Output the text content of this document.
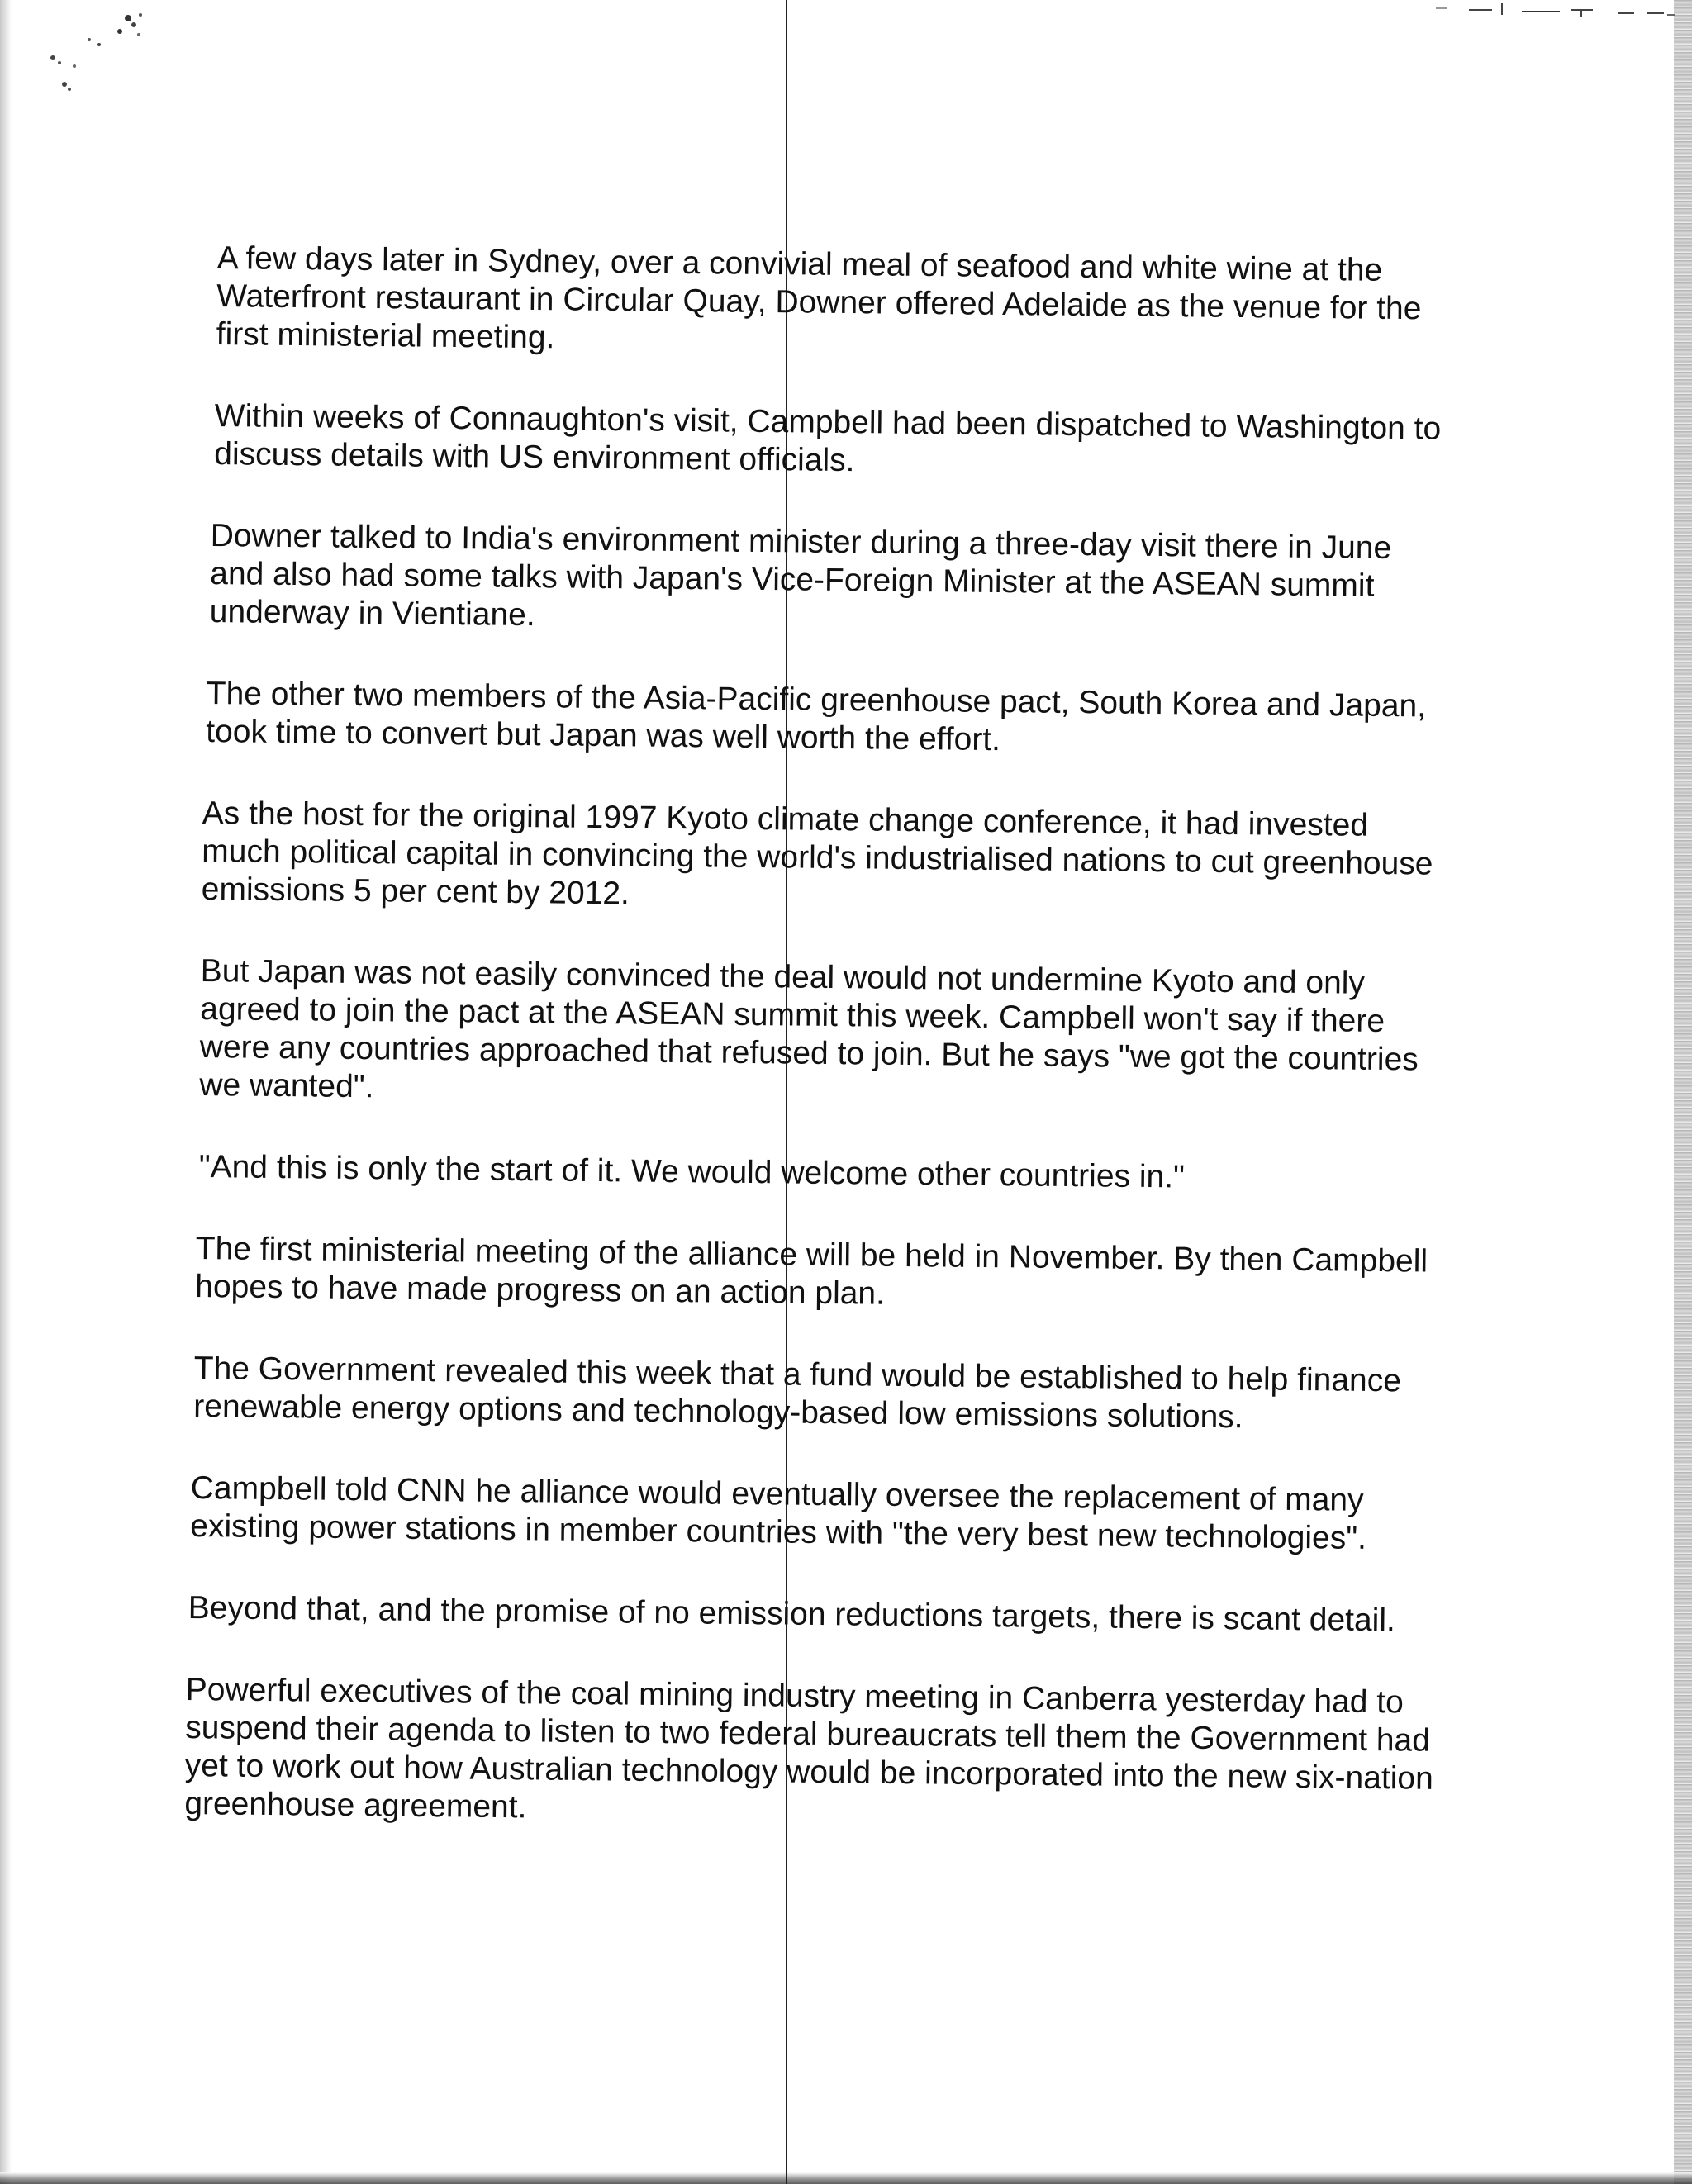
A few days later in Sydney, over a convivial meal of seafood and white wine at the Waterfront restaurant in Circular Quay, Downer offered Adelaide as the venue for the first ministerial meeting.

Within weeks of Connaughton's visit, Campbell had been dispatched to Washington to discuss details with US environment officials.

Downer talked to India's environment minister during a three-day visit there in June and also had some talks with Japan's Vice-Foreign Minister at the ASEAN summit underway in Vientiane.

The other two members of the Asia-Pacific greenhouse pact, South Korea and Japan, took time to convert but Japan was well worth the effort.

As the host for the original 1997 Kyoto climate change conference, it had invested much political capital in convincing the world's industrialised nations to cut greenhouse emissions 5 per cent by 2012.

But Japan was not easily convinced the deal would not undermine Kyoto and only agreed to join the pact at the ASEAN summit this week. Campbell won't say if there were any countries approached that refused to join. But he says "we got the countries we wanted".

"And this is only the start of it. We would welcome other countries in."

The first ministerial meeting of the alliance will be held in November. By then Campbell hopes to have made progress on an action plan.

The Government revealed this week that a fund would be established to help finance renewable energy options and technology-based low emissions solutions.

Campbell told CNN he alliance would eventually oversee the replacement of many existing power stations in member countries with "the very best new technologies".

Beyond that, and the promise of no emission reductions targets, there is scant detail.

Powerful executives of the coal mining industry meeting in Canberra yesterday had to suspend their agenda to listen to two federal bureaucrats tell them the Government had yet to work out how Australian technology would be incorporated into the new six-nation greenhouse agreement.
